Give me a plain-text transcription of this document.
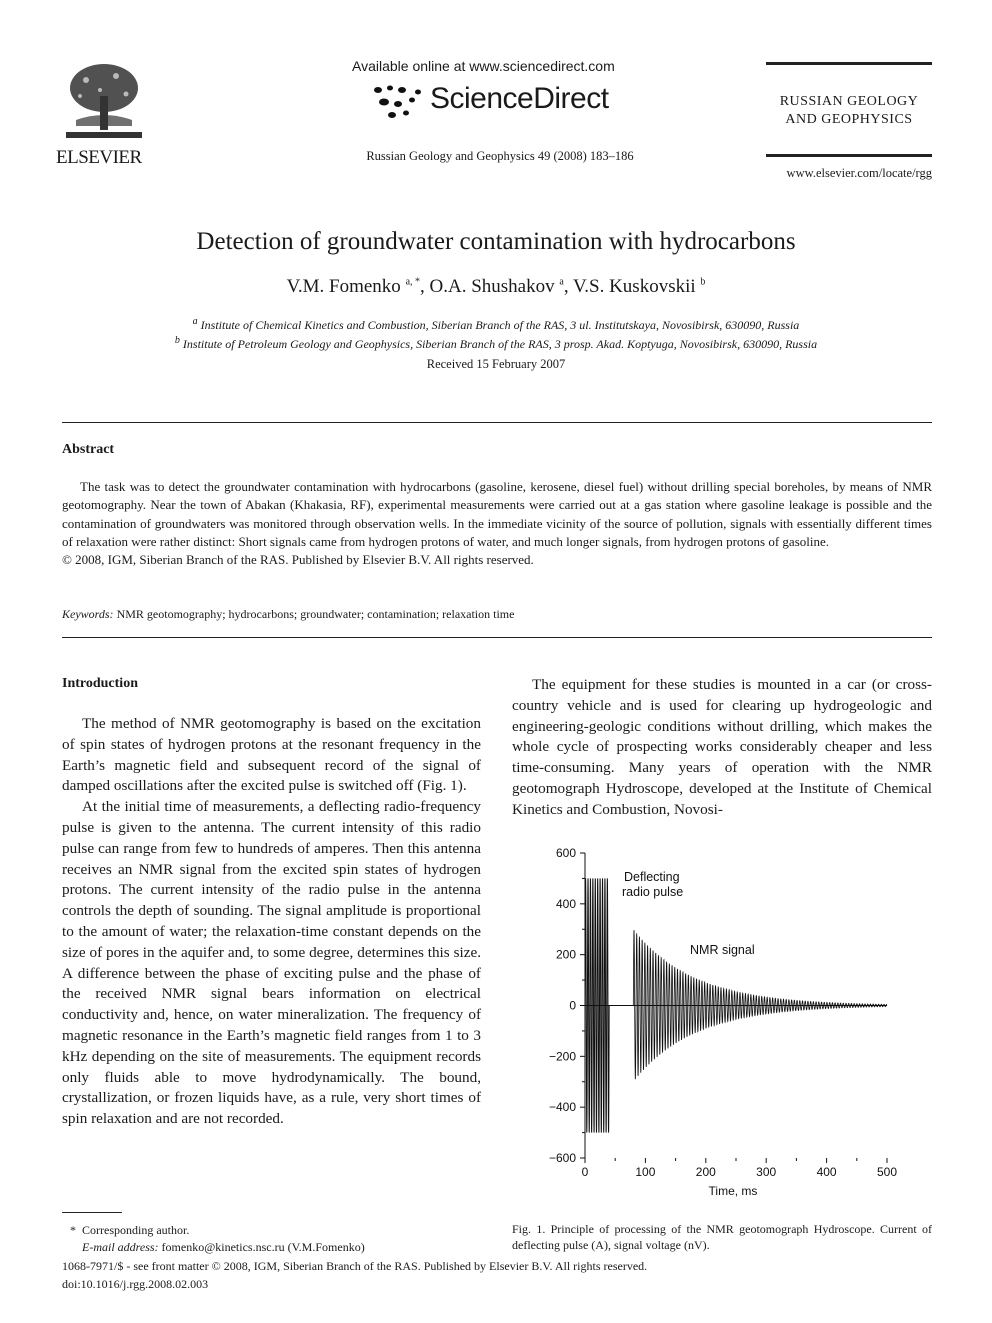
ELSEVIER
Available online at www.sciencedirect.com
ScienceDirect
Russian Geology and Geophysics 49 (2008) 183–186
RUSSIAN GEOLOGY
AND GEOPHYSICS
www.elsevier.com/locate/rgg
Detection of groundwater contamination with hydrocarbons
V.M. Fomenko $^{a, *}$, O.A. Shushakov $^a$, V.S. Kuskovskii $^b$
$^a$ Institute of Chemical Kinetics and Combustion, Siberian Branch of the RAS, 3 ul. Institutskaya, Novosibirsk, 630090, Russia
$^b$ Institute of Petroleum Geology and Geophysics, Siberian Branch of the RAS, 3 prosp. Akad. Koptyuga, Novosibirsk, 630090, Russia
Received 15 February 2007
Abstract
The task was to detect the groundwater contamination with hydrocarbons (gasoline, kerosene, diesel fuel) without drilling special boreholes, by means of NMR geotomography. Near the town of Abakan (Khakasia, RF), experimental measurements were carried out at a gas station where gasoline leakage is possible and the contamination of groundwaters was monitored through observation wells. In the immediate vicinity of the source of pollution, signals with essentially different times of relaxation were rather distinct: Short signals came from hydrogen protons of water, and much longer signals, from hydrogen protons of gasoline.
© 2008, IGM, Siberian Branch of the RAS. Published by Elsevier B.V. All rights reserved.
Keywords: NMR geotomography; hydrocarbons; groundwater; contamination; relaxation time
Introduction

The method of NMR geotomography is based on the excitation of spin states of hydrogen protons at the resonant frequency in the Earth’s magnetic field and subsequent record of the signal of damped oscillations after the excited pulse is switched off (Fig. 1).

At the initial time of measurements, a deflecting radio-frequency pulse is given to the antenna. The current intensity of this radio pulse can range from few to hundreds of amperes. Then this antenna receives an NMR signal from the excited spin states of hydrogen protons. The current intensity of the radio pulse in the antenna controls the depth of sounding. The signal amplitude is proportional to the amount of water; the relaxation-time constant depends on the size of pores in the aquifer and, to some degree, determines this size. A difference between the phase of exciting pulse and the phase of the received NMR signal bears information on electrical conductivity and, hence, on water mineralization. The frequency of magnetic resonance in the Earth’s magnetic field ranges from 1 to 3 kHz depending on the site of measurements. The equipment records only fluids able to move hydrodynamically. The bound, crystallization, or frozen liquids have, as a rule, very short times of spin relaxation and are not recorded.

The equipment for these studies is mounted in a car (or cross-country vehicle and is used for clearing up hydrogeologic and engineering-geologic conditions without drilling, which makes the whole cycle of prospecting works considerably cheaper and less time-consuming. Many years of operation with the NMR geotomograph Hydroscope, developed at the Institute of Chemical Kinetics and Combustion, Novosi-

600
400
200
0
−200
−400
−600
0	100	200	300	400	500
Deflecting
radio pulse
NMR signal
Time, ms
Fig. 1. Principle of processing of the NMR geotomograph Hydroscope. Current of deflecting pulse (A), signal voltage (nV).
* Corresponding author.
E-mail address: fomenko@kinetics.nsc.ru (V.M.Fomenko)
1068-7971/$ - see front matter © 2008, IGM, Siberian Branch of the RAS. Published by Elsevier B.V. All rights reserved.
doi:10.1016/j.rgg.2008.02.003
